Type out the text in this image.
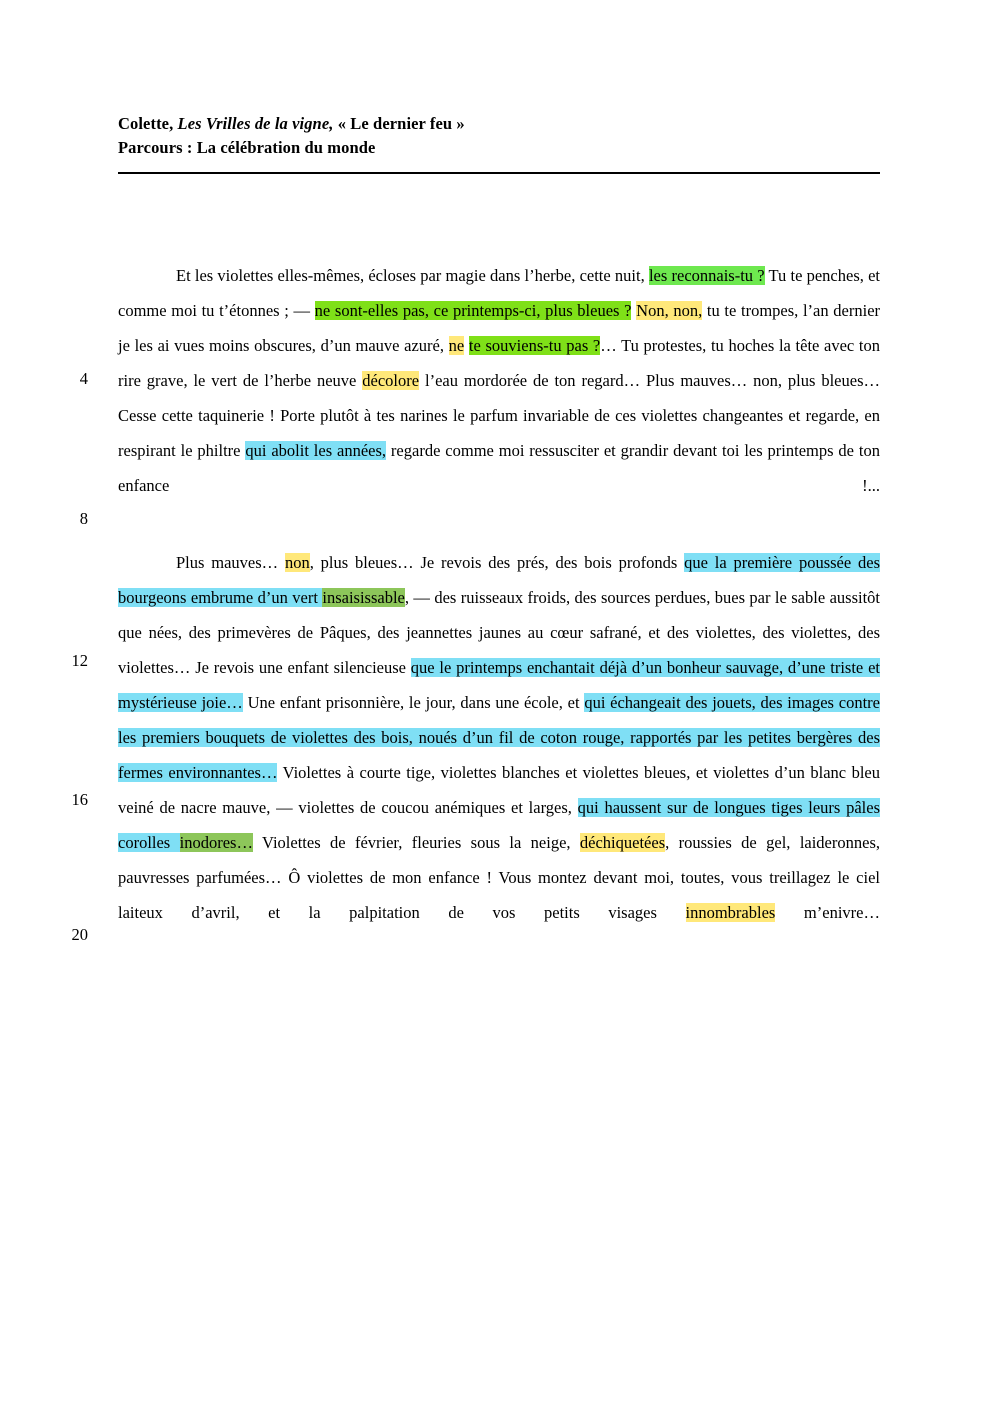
Colette, Les Vrilles de la vigne, « Le dernier feu »
Parcours : La célébration du monde

Et les violettes elles-mêmes, écloses par magie dans l’herbe, cette nuit, les reconnais-tu ? Tu te penches, et comme moi tu t’étonnes ; — ne sont-elles pas, ce printemps-ci, plus bleues ? Non, non, tu te trompes, l’an dernier je les ai vues moins obscures, d’un mauve azuré, ne te souviens-tu pas ?… Tu protestes, tu hoches la tête avec ton rire grave, le vert de l’herbe neuve décolore l’eau mordorée de ton regard… Plus mauves… non, plus bleues… Cesse cette taquinerie ! Porte plutôt à tes narines le parfum invariable de ces violettes changeantes et regarde, en respirant le philtre qui abolit les années, regarde comme moi ressusciter et grandir devant toi les printemps de ton enfance !...

Plus mauves… non, plus bleues… Je revois des prés, des bois profonds que la première poussée des bourgeons embrume d’un vert insaisissable, — des ruisseaux froids, des sources perdues, bues par le sable aussitôt que nées, des primevères de Pâques, des jeannettes jaunes au cœur safrané, et des violettes, des violettes, des violettes… Je revois une enfant silencieuse que le printemps enchantait déjà d’un bonheur sauvage, d’une triste et mystérieuse joie… Une enfant prisonnière, le jour, dans une école, et qui échangeait des jouets, des images contre les premiers bouquets de violettes des bois, noués d’un fil de coton rouge, rapportés par les petites bergères des fermes environnantes… Violettes à courte tige, violettes blanches et violettes bleues, et violettes d’un blanc bleu veiné de nacre mauve, — violettes de coucou anémiques et larges, qui haussent sur de longues tiges leurs pâles corolles inodores… Violettes de février, fleuries sous la neige, déchiquetées, roussies de gel, laideronnes, pauvresses parfumées… Ô violettes de mon enfance ! Vous montez devant moi, toutes, vous treillagez le ciel laiteux d’avril, et la palpitation de vos petits visages innombrables m’enivre…

4
8
12
16
20
